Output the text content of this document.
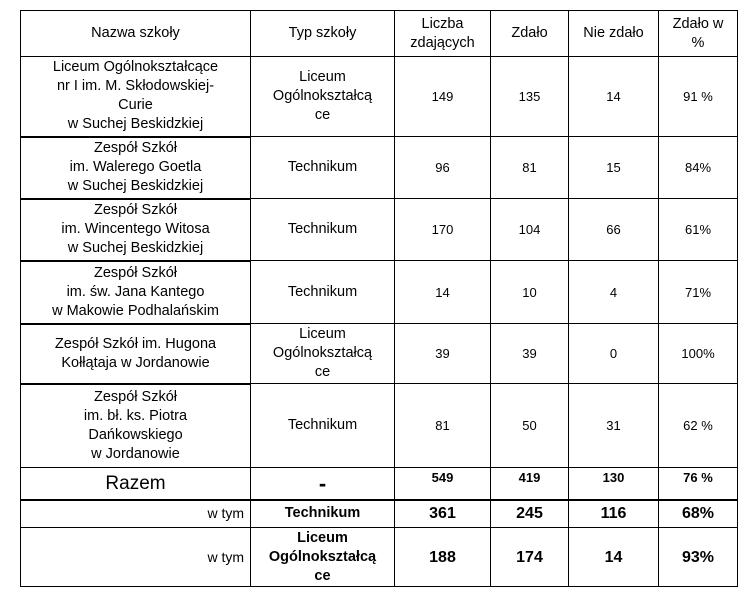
Nazwa szkoły	Typ szkoły	Liczba
zdających	Zdało	Nie zdało	Zdało w
%
Liceum Ogólnokształcące
nr I im. M. Skłodowskiej-
Curie
w Suchej Beskidzkiej	Liceum
Ogólnokształcą
ce	149	135	14	91 %
Zespół Szkół
im. Walerego Goetla
w Suchej Beskidzkiej	Technikum	96	81	15	84%
Zespół Szkół
im. Wincentego Witosa
w Suchej Beskidzkiej	Technikum	170	104	66	61%
Zespół Szkół
im. św. Jana Kantego
w Makowie Podhalańskim	Technikum	14	10	4	71%
Zespół Szkół im. Hugona
Kołłątaja w Jordanowie	Liceum
Ogólnokształcą
ce	39	39	0	100%
Zespół Szkół
im. bł. ks. Piotra
Dańkowskiego
w Jordanowie	Technikum	81	50	31	62 %
Razem	-	549	419	130	76 %
w tym	Technikum	361	245	116	68%
w tym	Liceum
Ogólnokształcą
ce	188	174	14	93%
